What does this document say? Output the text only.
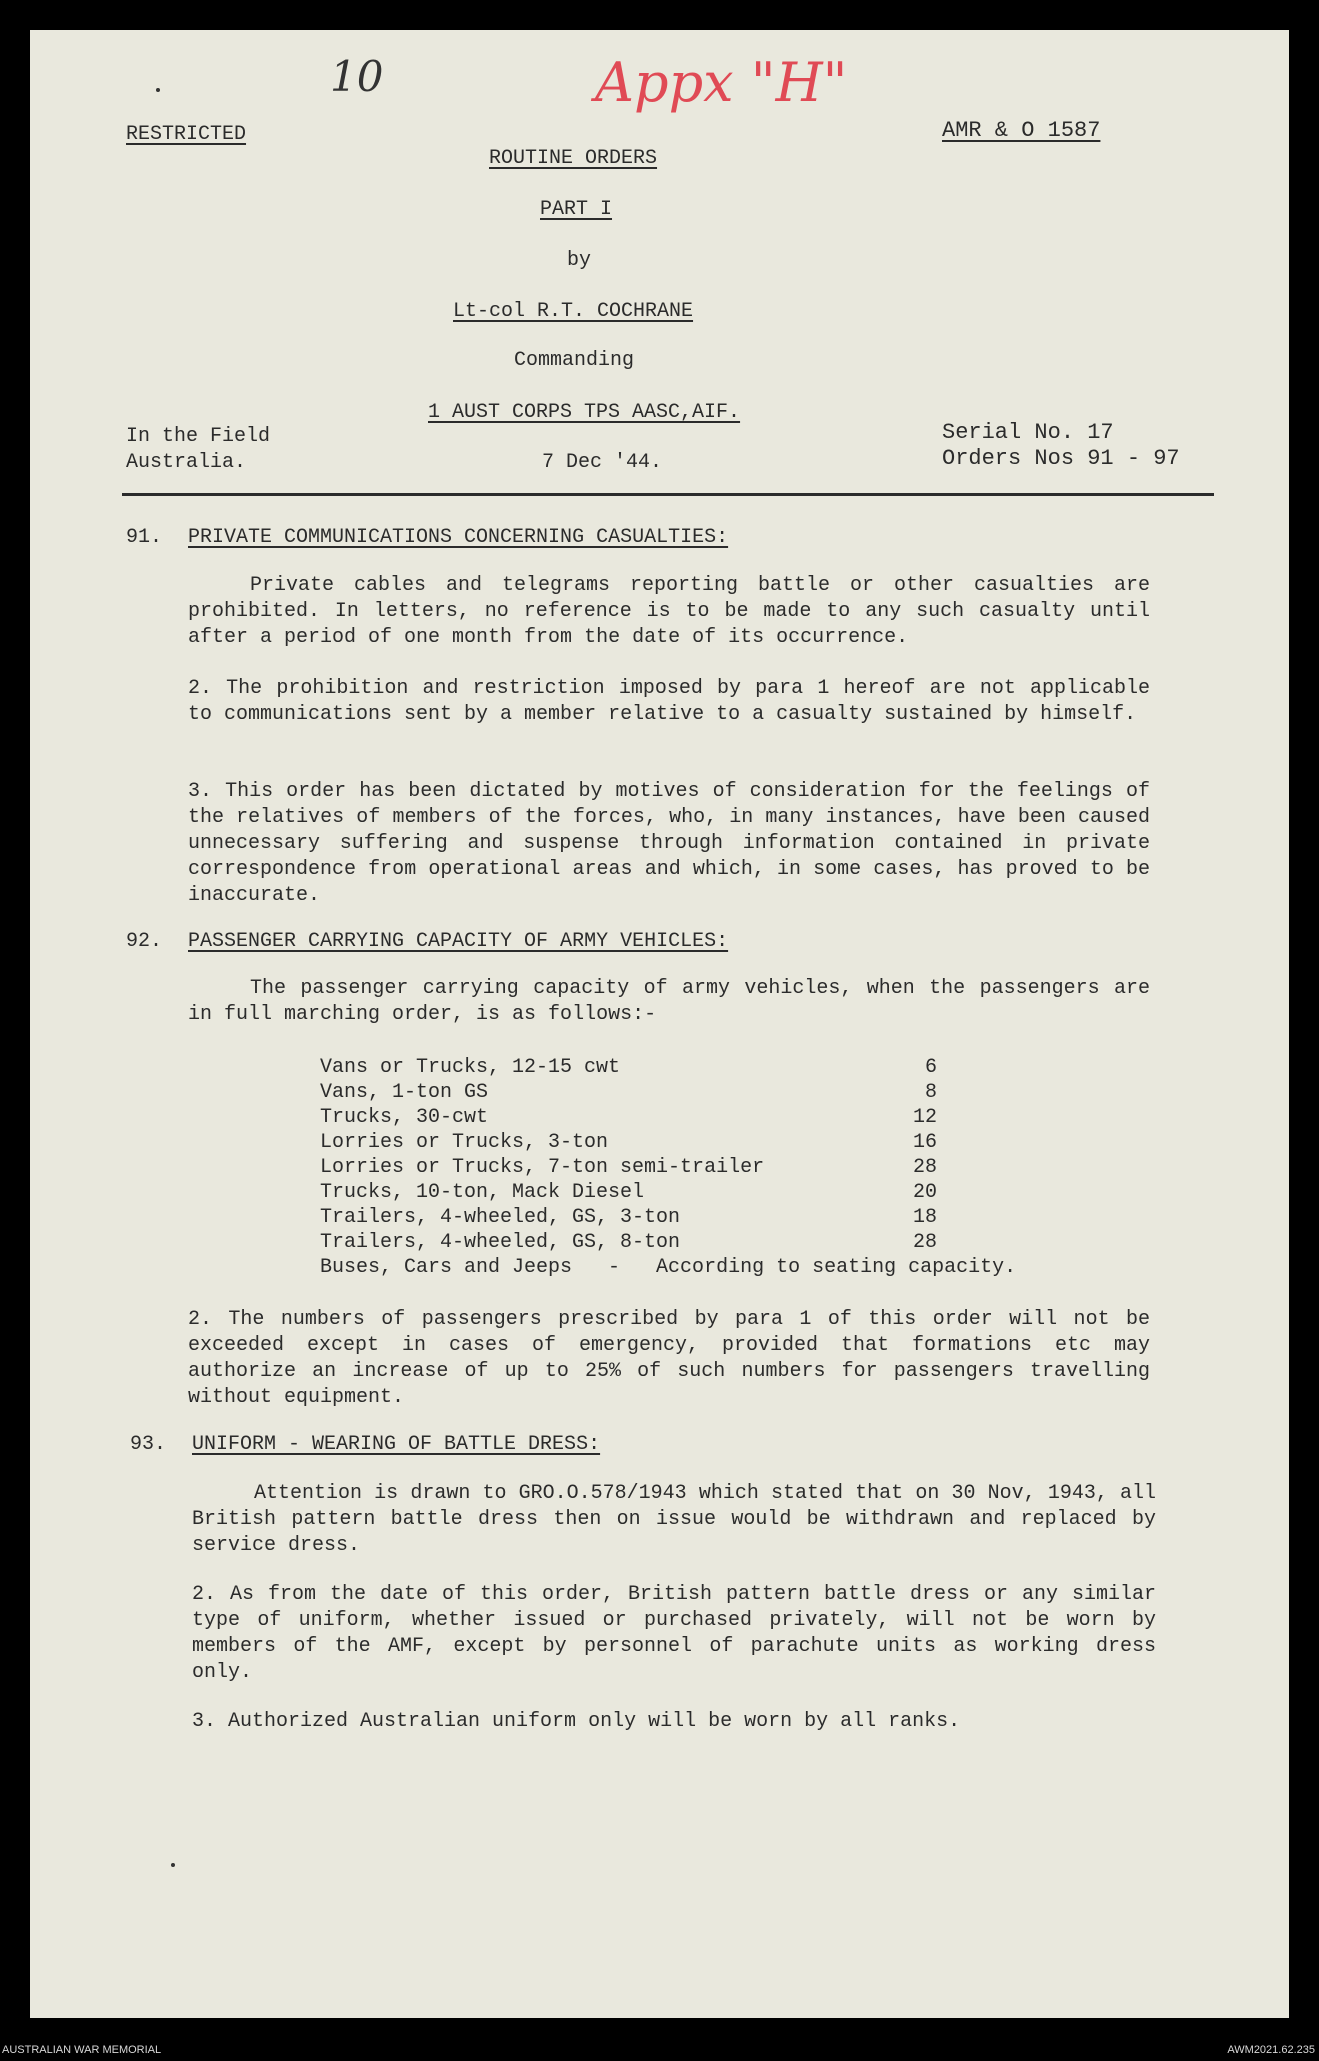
10	Appx "H"
RESTRICTED	AMR & O 1587
ROUTINE ORDERS
PART I
by
Lt-col R.T. COCHRANE
Commanding
1 AUST CORPS TPS AASC,AIF.
In the Field
Australia.	7 Dec '44.
Serial No. 17
Orders Nos 91 - 97
91. PRIVATE COMMUNICATIONS CONCERNING CASUALTIES:
Private cables and telegrams reporting battle or other casualties are prohibited. In letters, no reference is to be made to any such casualty until after a period of one month from the date of its occurrence.
2. The prohibition and restriction imposed by para 1 hereof are not applicable to communications sent by a member relative to a casualty sustained by himself.
3. This order has been dictated by motives of consideration for the feelings of the relatives of members of the forces, who, in many instances, have been caused unnecessary suffering and suspense through information contained in private correspondence from operational areas and which, in some cases, has proved to be inaccurate.
92. PASSENGER CARRYING CAPACITY OF ARMY VEHICLES:
The passenger carrying capacity of army vehicles, when the passengers are in full marching order, is as follows:-
Vans or Trucks, 12-15 cwt	6
Vans, 1-ton GS	8
Trucks, 30-cwt	12
Lorries or Trucks, 3-ton	16
Lorries or Trucks, 7-ton semi-trailer	28
Trucks, 10-ton, Mack Diesel	20
Trailers, 4-wheeled, GS, 3-ton	18
Trailers, 4-wheeled, GS, 8-ton	28
Buses, Cars and Jeeps   -   According to seating capacity.
2. The numbers of passengers prescribed by para 1 of this order will not be exceeded except in cases of emergency, provided that formations etc may authorize an increase of up to 25% of such numbers for passengers travelling without equipment.
93. UNIFORM - WEARING OF BATTLE DRESS:
Attention is drawn to GRO.O.578/1943 which stated that on 30 Nov, 1943, all British pattern battle dress then on issue would be withdrawn and replaced by service dress.
2. As from the date of this order, British pattern battle dress or any similar type of uniform, whether issued or purchased privately, will not be worn by members of the AMF, except by personnel of parachute units as working dress only.
3. Authorized Australian uniform only will be worn by all ranks.
AUSTRALIAN WAR MEMORIAL	AWM2021.62.235
